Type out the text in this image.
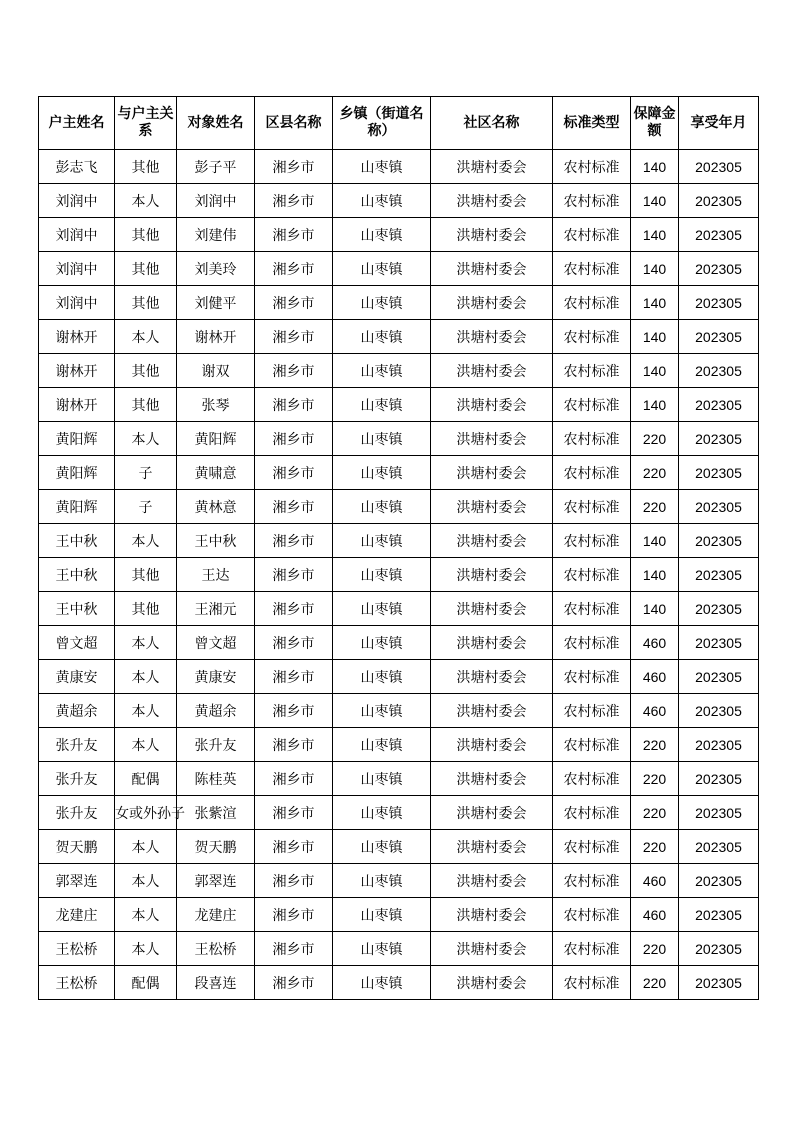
户主姓名	与户主关系	对象姓名	区县名称	乡镇（街道名称）	社区名称	标准类型	保障金额	享受年月
彭志飞	其他	彭子平	湘乡市	山枣镇	洪塘村委会	农村标准	140	202305
刘润中	本人	刘润中	湘乡市	山枣镇	洪塘村委会	农村标准	140	202305
刘润中	其他	刘建伟	湘乡市	山枣镇	洪塘村委会	农村标准	140	202305
刘润中	其他	刘美玲	湘乡市	山枣镇	洪塘村委会	农村标准	140	202305
刘润中	其他	刘健平	湘乡市	山枣镇	洪塘村委会	农村标准	140	202305
谢林开	本人	谢林开	湘乡市	山枣镇	洪塘村委会	农村标准	140	202305
谢林开	其他	谢双	湘乡市	山枣镇	洪塘村委会	农村标准	140	202305
谢林开	其他	张琴	湘乡市	山枣镇	洪塘村委会	农村标准	140	202305
黄阳辉	本人	黄阳辉	湘乡市	山枣镇	洪塘村委会	农村标准	220	202305
黄阳辉	子	黄啸意	湘乡市	山枣镇	洪塘村委会	农村标准	220	202305
黄阳辉	子	黄林意	湘乡市	山枣镇	洪塘村委会	农村标准	220	202305
王中秋	本人	王中秋	湘乡市	山枣镇	洪塘村委会	农村标准	140	202305
王中秋	其他	王达	湘乡市	山枣镇	洪塘村委会	农村标准	140	202305
王中秋	其他	王湘元	湘乡市	山枣镇	洪塘村委会	农村标准	140	202305
曾文超	本人	曾文超	湘乡市	山枣镇	洪塘村委会	农村标准	460	202305
黄康安	本人	黄康安	湘乡市	山枣镇	洪塘村委会	农村标准	460	202305
黄超余	本人	黄超余	湘乡市	山枣镇	洪塘村委会	农村标准	460	202305
张升友	本人	张升友	湘乡市	山枣镇	洪塘村委会	农村标准	220	202305
张升友	配偶	陈桂英	湘乡市	山枣镇	洪塘村委会	农村标准	220	202305
张升友	女或外孙子	张紫渲	湘乡市	山枣镇	洪塘村委会	农村标准	220	202305
贺天鹏	本人	贺天鹏	湘乡市	山枣镇	洪塘村委会	农村标准	220	202305
郭翠连	本人	郭翠连	湘乡市	山枣镇	洪塘村委会	农村标准	460	202305
龙建庄	本人	龙建庄	湘乡市	山枣镇	洪塘村委会	农村标准	460	202305
王松桥	本人	王松桥	湘乡市	山枣镇	洪塘村委会	农村标准	220	202305
王松桥	配偶	段喜连	湘乡市	山枣镇	洪塘村委会	农村标准	220	202305
